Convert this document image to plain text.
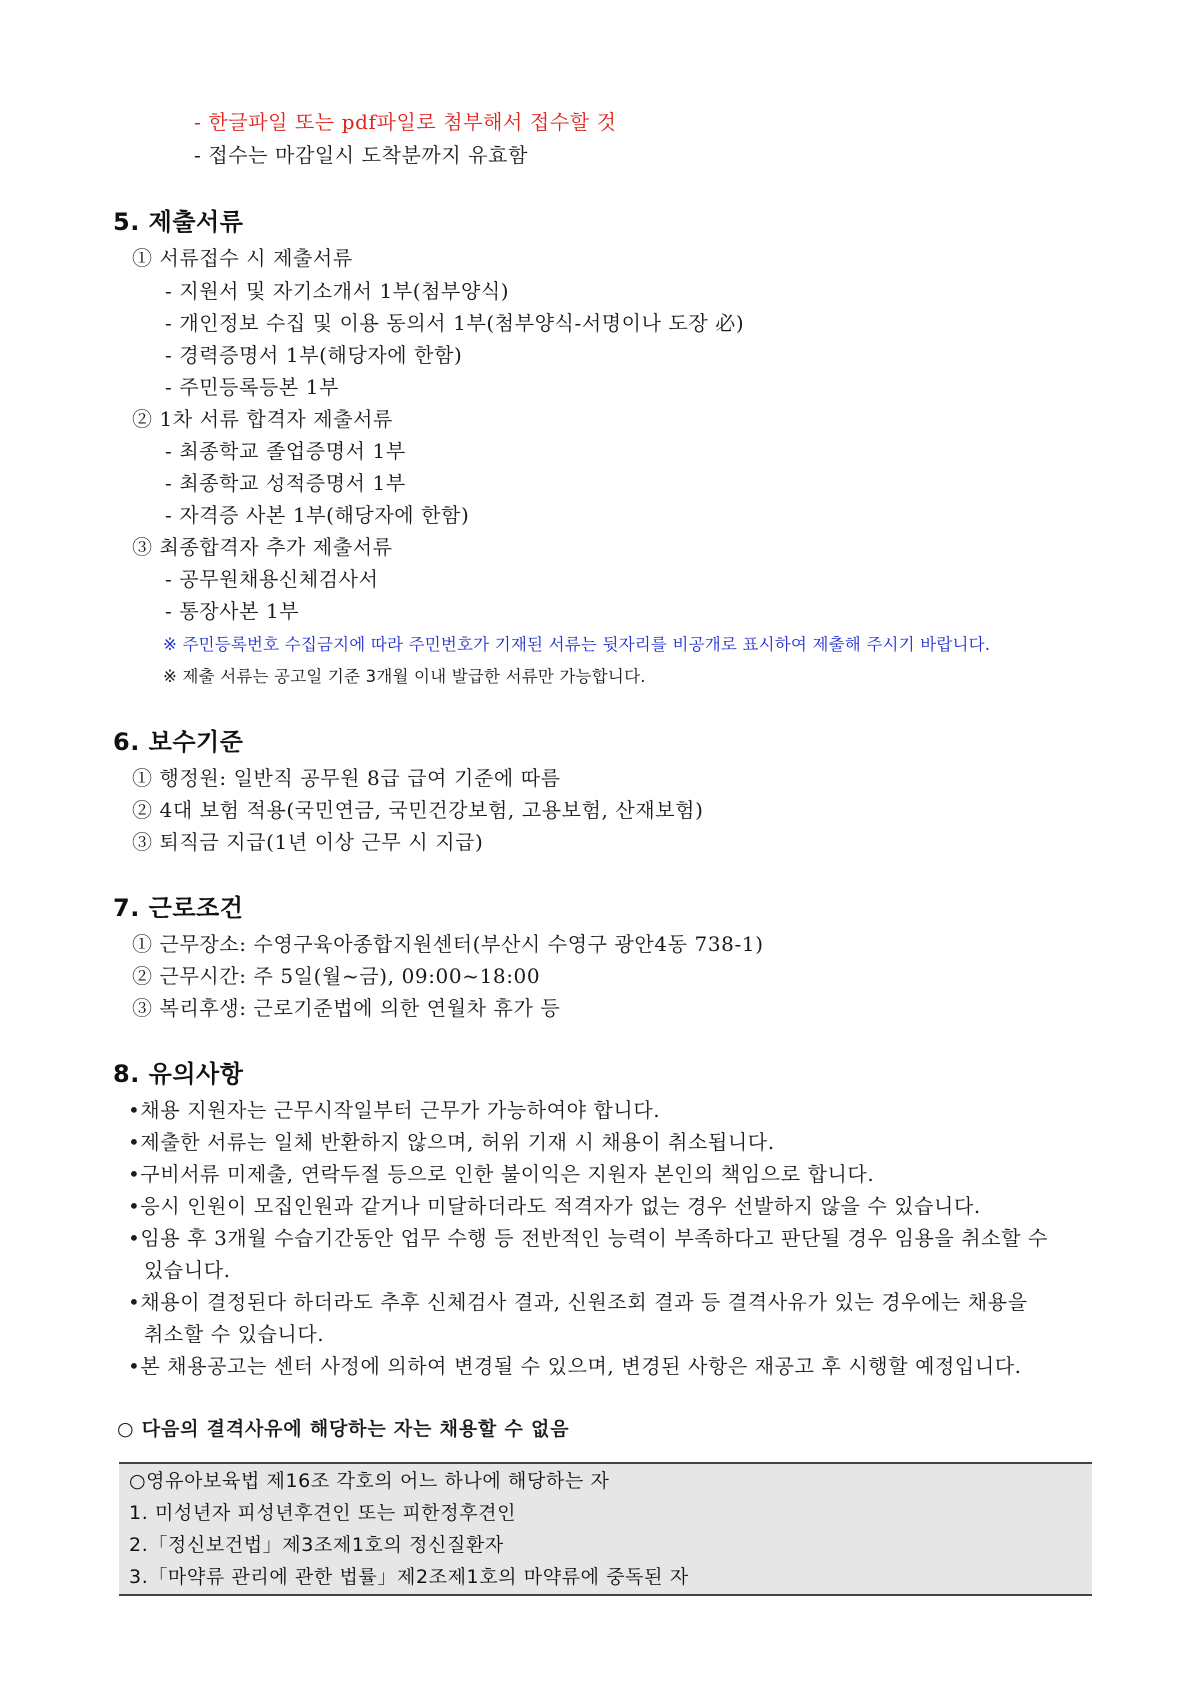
- 한글파일 또는 pdf파일로 첨부해서 접수할 것
- 접수는 마감일시 도착분까지 유효함
5. 제출서류
① 서류접수 시 제출서류
- 지원서 및 자기소개서 1부(첨부양식)
- 개인정보 수집 및 이용 동의서 1부(첨부양식-서명이나 도장 必)
- 경력증명서 1부(해당자에 한함)
- 주민등록등본 1부
② 1차 서류 합격자 제출서류
- 최종학교 졸업증명서 1부
- 최종학교 성적증명서 1부
- 자격증 사본 1부(해당자에 한함)
③ 최종합격자 추가 제출서류
- 공무원채용신체검사서
- 통장사본 1부
※ 주민등록번호 수집금지에 따라 주민번호가 기재된 서류는 뒷자리를 비공개로 표시하여 제출해 주시기 바랍니다.
※ 제출 서류는 공고일 기준 3개월 이내 발급한 서류만 가능합니다.
6. 보수기준
① 행정원: 일반직 공무원 8급 급여 기준에 따름
② 4대 보험 적용(국민연금, 국민건강보험, 고용보험, 산재보험)
③ 퇴직금 지급(1년 이상 근무 시 지급)
7. 근로조건
① 근무장소: 수영구육아종합지원센터(부산시 수영구 광안4동 738-1)
② 근무시간: 주 5일(월~금), 09:00~18:00
③ 복리후생: 근로기준법에 의한 연월차 휴가 등
8. 유의사항
•채용 지원자는 근무시작일부터 근무가 가능하여야 합니다.
•제출한 서류는 일체 반환하지 않으며, 허위 기재 시 채용이 취소됩니다.
•구비서류 미제출, 연락두절 등으로 인한 불이익은 지원자 본인의 책임으로 합니다.
•응시 인원이 모집인원과 같거나 미달하더라도 적격자가 없는 경우 선발하지 않을 수 있습니다.
•임용 후 3개월 수습기간동안 업무 수행 등 전반적인 능력이 부족하다고 판단될 경우 임용을 취소할 수
있습니다.
•채용이 결정된다 하더라도 추후 신체검사 결과, 신원조회 결과 등 결격사유가 있는 경우에는 채용을
취소할 수 있습니다.
•본 채용공고는 센터 사정에 의하여 변경될 수 있으며, 변경된 사항은 재공고 후 시행할 예정입니다.
○ 다음의 결격사유에 해당하는 자는 채용할 수 없음
○영유아보육법 제16조 각호의 어느 하나에 해당하는 자
1. 미성년자 피성년후견인 또는 피한정후견인
2.「정신보건법」제3조제1호의 정신질환자
3.「마약류 관리에 관한 법률」제2조제1호의 마약류에 중독된 자
